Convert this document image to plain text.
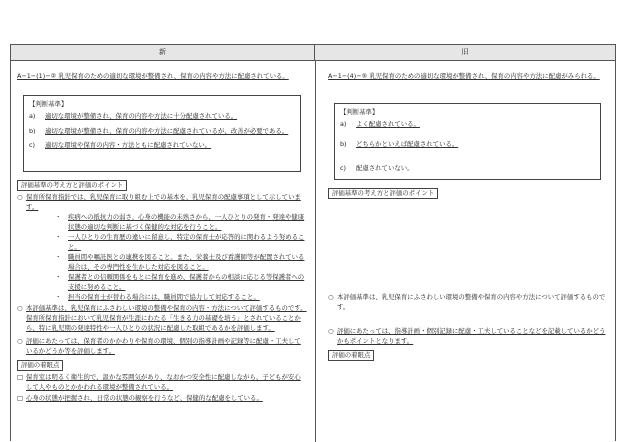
新	旧
A−1−(1)−② 乳児保育のための適切な環境が整備され、保育の内容や方法に配慮されている。
【判断基準】
a)	適切な環境が整備され、保育の内容や方法に十分配慮されている。
b)	適切な環境が整備され、保育の内容や方法に配慮されているが、改善が必要である。
c)	適切な環境や保育の内容・方法ともに配慮されていない。
評価基準の考え方と評価のポイント
○ 保育所保育指針では、乳児保育に取り組む上での基本を、乳児保育の配慮事項として示しています。
・	疾病への抵抗力の弱さ、心身の機能の未熟さから、一人ひとりの発育・発達や健康状態の適切な判断に基づく保健的な対応を行うこと。
・	一人ひとりの生育歴の違いに留意し、特定の保育士が応答的に関わるよう努めること。
・	職員間や嘱託医との連携を図ること。また、栄養士及び看護師等が配置されている場合は、その専門性を生かした対応を図ること。
・	保護者との信頼関係をもとに保育を進め、保護者からの相談に応じる等保護者への支援に努めること。
・	担当の保育士が替わる場合には、職員間で協力して対応すること。
○ 本評価基準は、乳児保育にふさわしい環境の整備や保育の内容・方法について評価するものです。保育所保育指針において乳児保育が生涯にわたる「生きる力の基礎を培う」とされていることから、特に乳児期の発達特性や一人ひとりの状況に配慮した取組であるかを評価します。
○ 評価にあたっては、保育者のかかわりや保育の環境、個別の指導計画や記録等に配慮・工夫しているかどうか等を評価します。
評価の着眼点
□ 保育室は明るく衛生的で、温かな雰囲気があり、なおかつ安全性に配慮しながら、子どもが安心して人やものとかかわれる環境が整備されている。
□ 心身の状態が把握され、日常の状態の観察を行うなど、保健的な配慮をしている。
A−1−(4)−⑤ 乳児保育のための適切な環境が整備され、保育の内容や方法に配慮がみられる。
【判断基準】
a)	よく配慮されている。
b)	どちらかといえば配慮されている。
c)	配慮されていない。
評価基準の考え方と評価のポイント
○ 本評価基準は、乳児保育にふさわしい環境の整備や保育の内容や方法について評価するものです。
○ 評価にあたっては、指導計画・個別記録に配慮・工夫していることなどを記載しているかどうかもポイントとなります。
評価の着眼点
